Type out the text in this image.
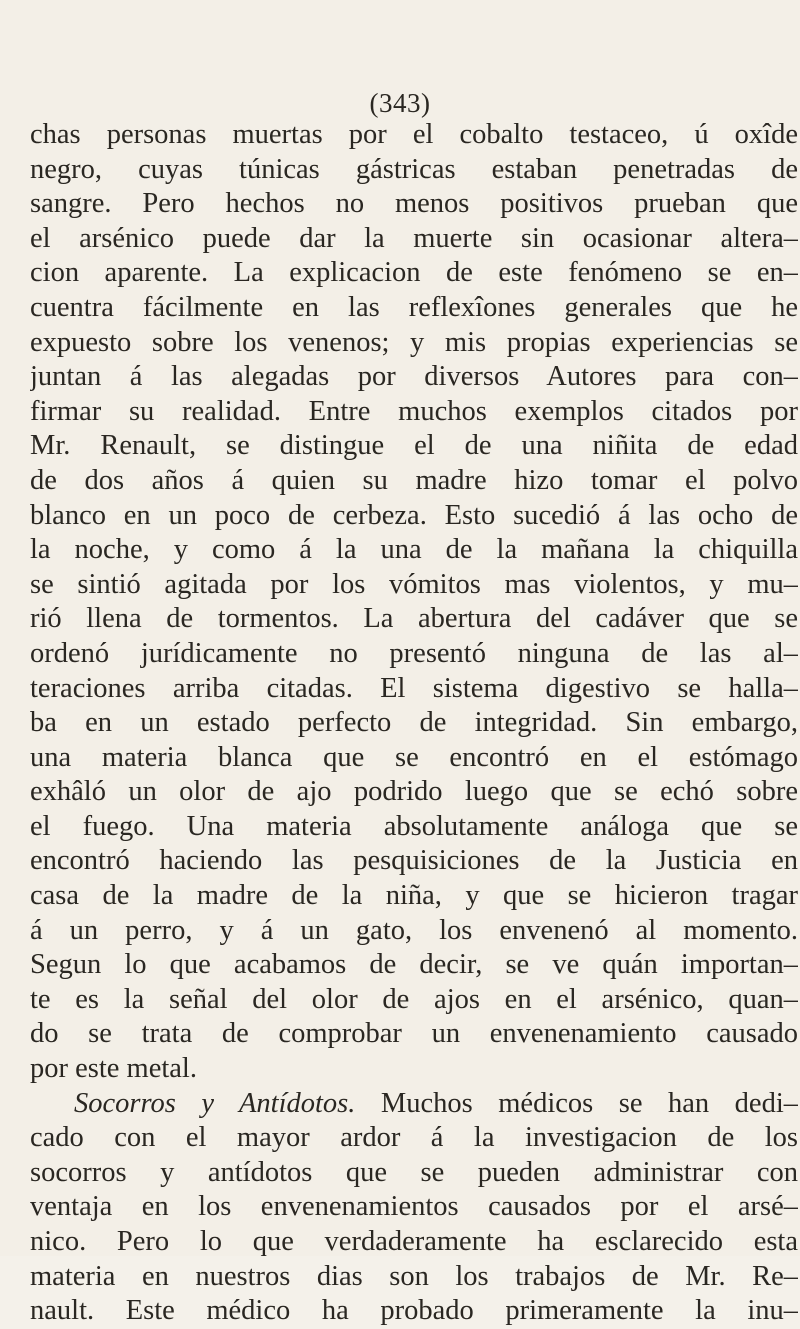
(343)
chas personas muertas por el cobalto testaceo, ú oxîde
negro, cuyas túnicas gástricas estaban penetradas de
sangre. Pero hechos no menos positivos prueban que
el arsénico puede dar la muerte sin ocasionar altera–
cion aparente. La explicacion de este fenómeno se en–
cuentra fácilmente en las reflexîones generales que he
expuesto sobre los venenos; y mis propias experiencias se
juntan á las alegadas por diversos Autores para con–
firmar su realidad. Entre muchos exemplos citados por
Mr. Renault, se distingue el de una niñita de edad
de dos años á quien su madre hizo tomar el polvo
blanco en un poco de cerbeza. Esto sucedió á las ocho de
la noche, y como á la una de la mañana la chiquilla
se sintió agitada por los vómitos mas violentos, y mu–
rió llena de tormentos. La abertura del cadáver que se
ordenó jurídicamente no presentó ninguna de las al–
teraciones arriba citadas. El sistema digestivo se halla–
ba en un estado perfecto de integridad. Sin embargo,
una materia blanca que se encontró en el estómago
exhâló un olor de ajo podrido luego que se echó sobre
el fuego. Una materia absolutamente análoga que se
encontró haciendo las pesquisiciones de la Justicia en
casa de la madre de la niña, y que se hicieron tragar
á un perro, y á un gato, los envenenó al momento.
Segun lo que acabamos de decir, se ve quán importan–
te es la señal del olor de ajos en el arsénico, quan–
do se trata de comprobar un envenenamiento causado
por este metal.
Socorros y Antídotos. Muchos médicos se han dedi–
cado con el mayor ardor á la investigacion de los
socorros y antídotos que se pueden administrar con
ventaja en los envenenamientos causados por el arsé–
nico. Pero lo que verdaderamente ha esclarecido esta
materia en nuestros dias son los trabajos de Mr. Re–
nault. Este médico ha probado primeramente la inu–
